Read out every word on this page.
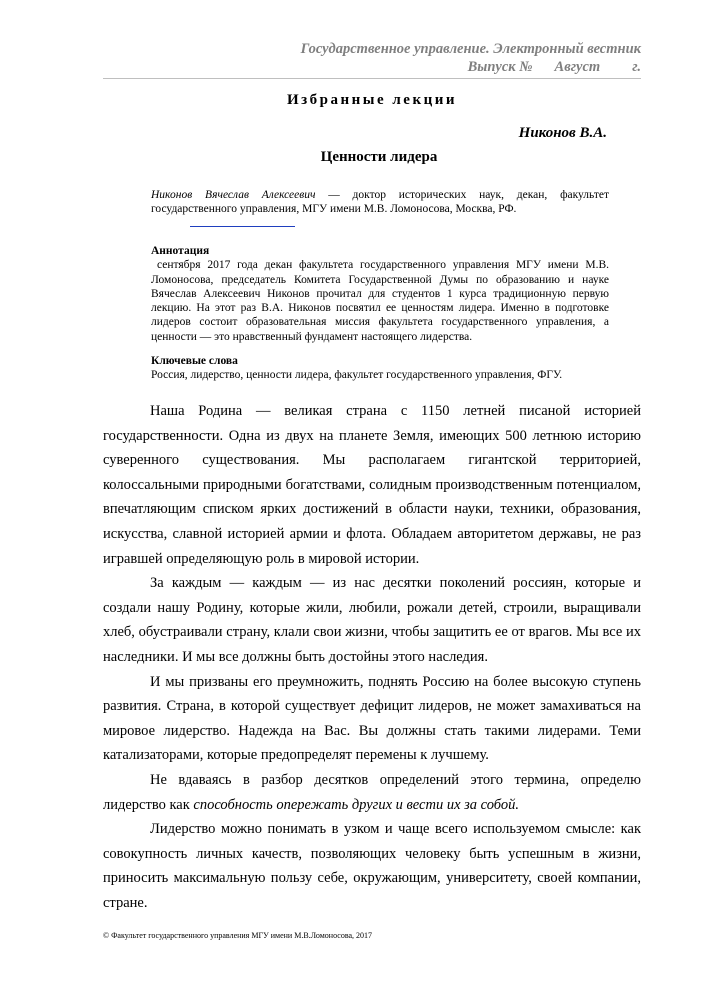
Государственное управление. Электронный вестник
Выпуск № Август г.
Избранные лекции
Никонов В.А.
Ценности лидера
Никонов Вячеслав Алексеевич — доктор исторических наук, декан, факультет государственного управления, МГУ имени М.В. Ломоносова, Москва, РФ.
Аннотация
сентября 2017 года декан факультета государственного управления МГУ имени М.В. Ломоносова, председатель Комитета Государственной Думы по образованию и науке Вячеслав Алексеевич Никонов прочитал для студентов 1 курса традиционную первую лекцию. На этот раз В.А. Никонов посвятил ее ценностям лидера. Именно в подготовке лидеров состоит образовательная миссия факультета государственного управления, а ценности — это нравственный фундамент настоящего лидерства.
Ключевые слова
Россия, лидерство, ценности лидера, факультет государственного управления, ФГУ.

Наша Родина — великая страна с 1150 летней писаной историей государственности. Одна из двух на планете Земля, имеющих 500 летнюю историю суверенного существования. Мы располагаем гигантской территорией, колоссальными природными богатствами, солидным производственным потенциалом, впечатляющим списком ярких достижений в области науки, техники, образования, искусства, славной историей армии и флота. Обладаем авторитетом державы, не раз игравшей определяющую роль в мировой истории.

За каждым — каждым — из нас десятки поколений россиян, которые и создали нашу Родину, которые жили, любили, рожали детей, строили, выращивали хлеб, обустраивали страну, клали свои жизни, чтобы защитить ее от врагов. Мы все их наследники. И мы все должны быть достойны этого наследия.

И мы призваны его преумножить, поднять Россию на более высокую ступень развития. Страна, в которой существует дефицит лидеров, не может замахиваться на мировое лидерство. Надежда на Вас. Вы должны стать такими лидерами. Теми катализаторами, которые предопределят перемены к лучшему.

Не вдаваясь в разбор десятков определений этого термина, определю лидерство как способность опережать других и вести их за собой.

Лидерство можно понимать в узком и чаще всего используемом смысле: как совокупность личных качеств, позволяющих человеку быть успешным в жизни, приносить максимальную пользу себе, окружающим, университету, своей компании, стране.

© Факультет государственного управления МГУ имени М.В.Ломоносова, 2017
